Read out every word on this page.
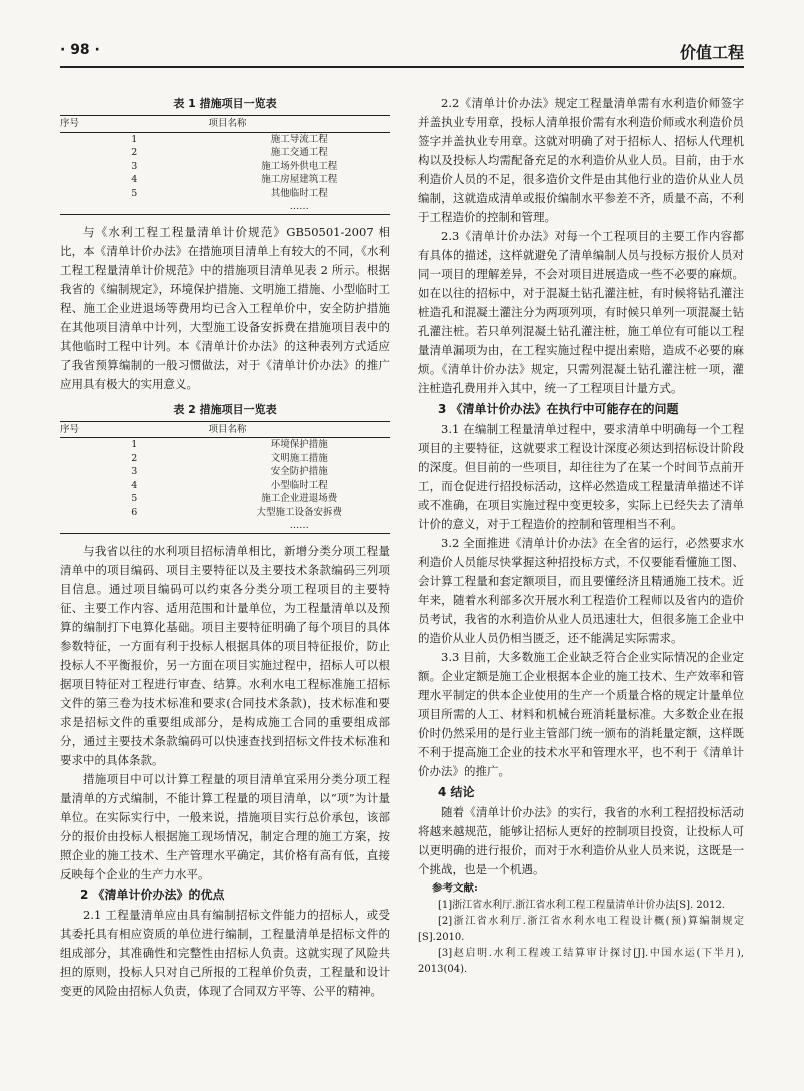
· 98 ·	价值工程
表 1 措施项目一览表
序号	项目名称
1	施工导流工程
2	施工交通工程
3	施工场外供电工程
4	施工房屋建筑工程
5	其他临时工程
	……

与《水利工程工程量清单计价规范》GB50501-2007 相比，本《清单计价办法》在措施项目清单上有较大的不同，《水利工程工程量清单计价规范》中的措施项目清单见表 2 所示。根据我省的《编制规定》，环境保护措施、文明施工措施、小型临时工程、施工企业进退场等费用均已含入工程单价中，安全防护措施在其他项目清单中计列，大型施工设备安拆费在措施项目表中的其他临时工程中计列。本《清单计价办法》的这种表列方式适应了我省预算编制的一般习惯做法，对于《清单计价办法》的推广应用具有极大的实用意义。

表 2 措施项目一览表
序号	项目名称
1	环境保护措施
2	文明施工措施
3	安全防护措施
4	小型临时工程
5	施工企业进退场费
6	大型施工设备安拆费
	……

与我省以往的水利项目招标清单相比，新增分类分项工程量清单中的项目编码、项目主要特征以及主要技术条款编码三列项目信息。通过项目编码可以约束各分类分项工程项目的主要特征、主要工作内容、适用范围和计量单位，为工程量清单以及预算的编制打下电算化基础。项目主要特征明确了每个项目的具体参数特征，一方面有利于投标人根据具体的项目特征报价，防止投标人不平衡报价，另一方面在项目实施过程中，招标人可以根据项目特征对工程进行审查、结算。水利水电工程标准施工招标文件的第三卷为技术标准和要求(合同技术条款)，技术标准和要求是招标文件的重要组成部分，是构成施工合同的重要组成部分，通过主要技术条款编码可以快速查找到招标文件技术标准和要求中的具体条款。

措施项目中可以计算工程量的项目清单宜采用分类分项工程量清单的方式编制，不能计算工程量的项目清单，以“项”为计量单位。在实际实行中，一般来说，措施项目实行总价承包，该部分的报价由投标人根据施工现场情况，制定合理的施工方案，按照企业的施工技术、生产管理水平确定，其价格有高有低，直接反映每个企业的生产力水平。

2 《清单计价办法》的优点

2.1 工程量清单应由具有编制招标文件能力的招标人，或受其委托具有相应资质的单位进行编制，工程量清单是招标文件的组成部分，其准确性和完整性由招标人负责。这就实现了风险共担的原则，投标人只对自己所报的工程单价负责，工程量和设计变更的风险由招标人负责，体现了合同双方平等、公平的精神。

2.2《清单计价办法》规定工程量清单需有水利造价师签字并盖执业专用章，投标人清单报价需有水利造价师或水利造价员签字并盖执业专用章。这就对明确了对于招标人、招标人代理机构以及投标人均需配备充足的水利造价从业人员。目前，由于水利造价人员的不足，很多造价文件是由其他行业的造价从业人员编制，这就造成清单或报价编制水平参差不齐，质量不高，不利于工程造价的控制和管理。

2.3《清单计价办法》对每一个工程项目的主要工作内容都有具体的描述，这样就避免了清单编制人员与投标方报价人员对同一项目的理解差异，不会对项目进展造成一些不必要的麻烦。如在以往的招标中，对于混凝土钻孔灌注桩，有时候将钻孔灌注桩造孔和混凝土灌注分为两项列项，有时候只单列一项混凝土钻孔灌注桩。若只单列混凝土钻孔灌注桩，施工单位有可能以工程量清单漏项为由，在工程实施过程中提出索赔，造成不必要的麻烦。《清单计价办法》规定，只需列混凝土钻孔灌注桩一项，灌注桩造孔费用并入其中，统一了工程项目计量方式。

3 《清单计价办法》在执行中可能存在的问题

3.1 在编制工程量清单过程中，要求清单中明确每一个工程项目的主要特征，这就要求工程设计深度必须达到招标设计阶段的深度。但目前的一些项目，却往往为了在某一个时间节点前开工，而仓促进行招投标活动，这样必然造成工程量清单描述不详或不准确，在项目实施过程中变更较多，实际上已经失去了清单计价的意义，对于工程造价的控制和管理相当不利。

3.2 全面推进《清单计价办法》在全省的运行，必然要求水利造价人员能尽快掌握这种招投标方式，不仅要能看懂施工图、会计算工程量和套定额项目，而且要懂经济且精通施工技术。近年来，随着水利部多次开展水利工程造价工程师以及省内的造价员考试，我省的水利造价从业人员迅速壮大，但很多施工企业中的造价从业人员仍相当匮乏，还不能满足实际需求。

3.3 目前，大多数施工企业缺乏符合企业实际情况的企业定额。企业定额是施工企业根据本企业的施工技术、生产效率和管理水平制定的供本企业使用的生产一个质量合格的规定计量单位项目所需的人工、材料和机械台班消耗量标准。大多数企业在报价时仍然采用的是行业主管部门统一颁布的消耗量定额，这样既不利于提高施工企业的技术水平和管理水平，也不利于《清单计价办法》的推广。

4 结论

随着《清单计价办法》的实行，我省的水利工程招投标活动将越来越规范，能够让招标人更好的控制项目投资，让投标人可以更明确的进行报价，而对于水利造价从业人员来说，这既是一个挑战，也是一个机遇。

参考文献:

[1]浙江省水利厅.浙江省水利工程工程量清单计价办法[S]. 2012.

[2]浙江省水利厅.浙江省水利水电工程设计概(预)算编制规定[S].2010.

[3]赵启明.水利工程竣工结算审计探讨[J].中国水运(下半月), 2013(04).
